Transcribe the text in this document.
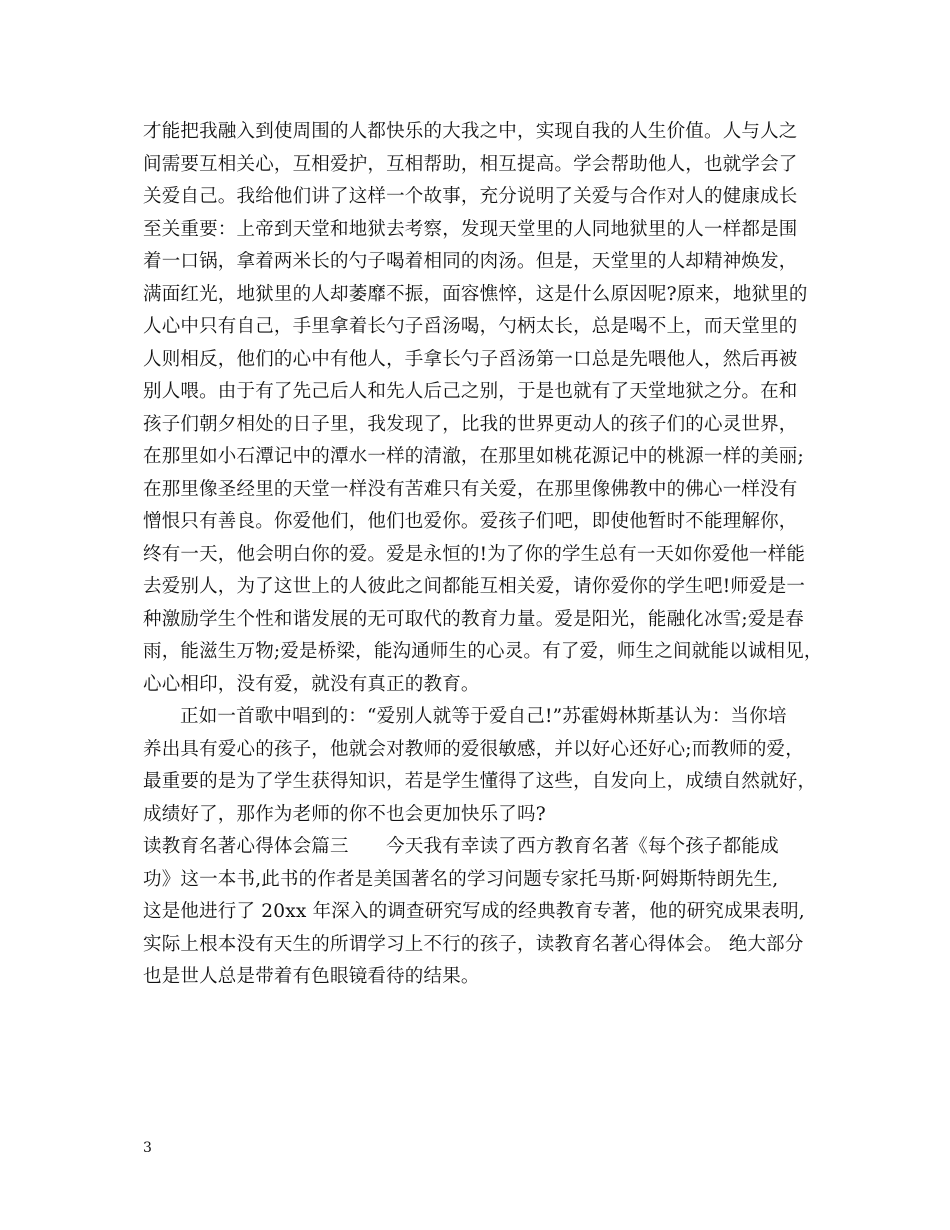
才能把我融入到使周围的人都快乐的大我之中，实现自我的人生价值。人与人之
间需要互相关心，互相爱护，互相帮助，相互提高。学会帮助他人，也就学会了
关爱自己。我给他们讲了这样一个故事，充分说明了关爱与合作对人的健康成长
至关重要：上帝到天堂和地狱去考察，发现天堂里的人同地狱里的人一样都是围
着一口锅，拿着两米长的勺子喝着相同的肉汤。但是，天堂里的人却精神焕发，
满面红光，地狱里的人却萎靡不振，面容憔悴，这是什么原因呢?原来，地狱里的
人心中只有自己，手里拿着长勺子舀汤喝，勺柄太长，总是喝不上，而天堂里的
人则相反，他们的心中有他人，手拿长勺子舀汤第一口总是先喂他人，然后再被
别人喂。由于有了先己后人和先人后己之别，于是也就有了天堂地狱之分。在和
孩子们朝夕相处的日子里，我发现了，比我的世界更动人的孩子们的心灵世界，
在那里如小石潭记中的潭水一样的清澈，在那里如桃花源记中的桃源一样的美丽;
在那里像圣经里的天堂一样没有苦难只有关爱，在那里像佛教中的佛心一样没有
憎恨只有善良。你爱他们，他们也爱你。爱孩子们吧，即使他暂时不能理解你，
终有一天，他会明白你的爱。爱是永恒的!为了你的学生总有一天如你爱他一样能
去爱别人，为了这世上的人彼此之间都能互相关爱，请你爱你的学生吧!师爱是一
种激励学生个性和谐发展的无可取代的教育力量。爱是阳光，能融化冰雪;爱是春
雨，能滋生万物;爱是桥梁，能沟通师生的心灵。有了爱，师生之间就能以诚相见，
心心相印，没有爱，就没有真正的教育。
正如一首歌中唱到的：“爱别人就等于爱自己!”苏霍姆林斯基认为：当你培
养出具有爱心的孩子，他就会对教师的爱很敏感，并以好心还好心;而教师的爱，
最重要的是为了学生获得知识，若是学生懂得了这些，自发向上，成绩自然就好，
成绩好了，那作为老师的你不也会更加快乐了吗?
读教育名著心得体会篇三　　今天我有幸读了西方教育名著《每个孩子都能成
功》这一本书,此书的作者是美国著名的学习问题专家托马斯·阿姆斯特朗先生,
这是他进行了 20xx 年深入的调查研究写成的经典教育专著，他的研究成果表明,
实际上根本没有天生的所谓学习上不行的孩子，读教育名著心得体会。 绝大部分
也是世人总是带着有色眼镜看待的结果。
3
